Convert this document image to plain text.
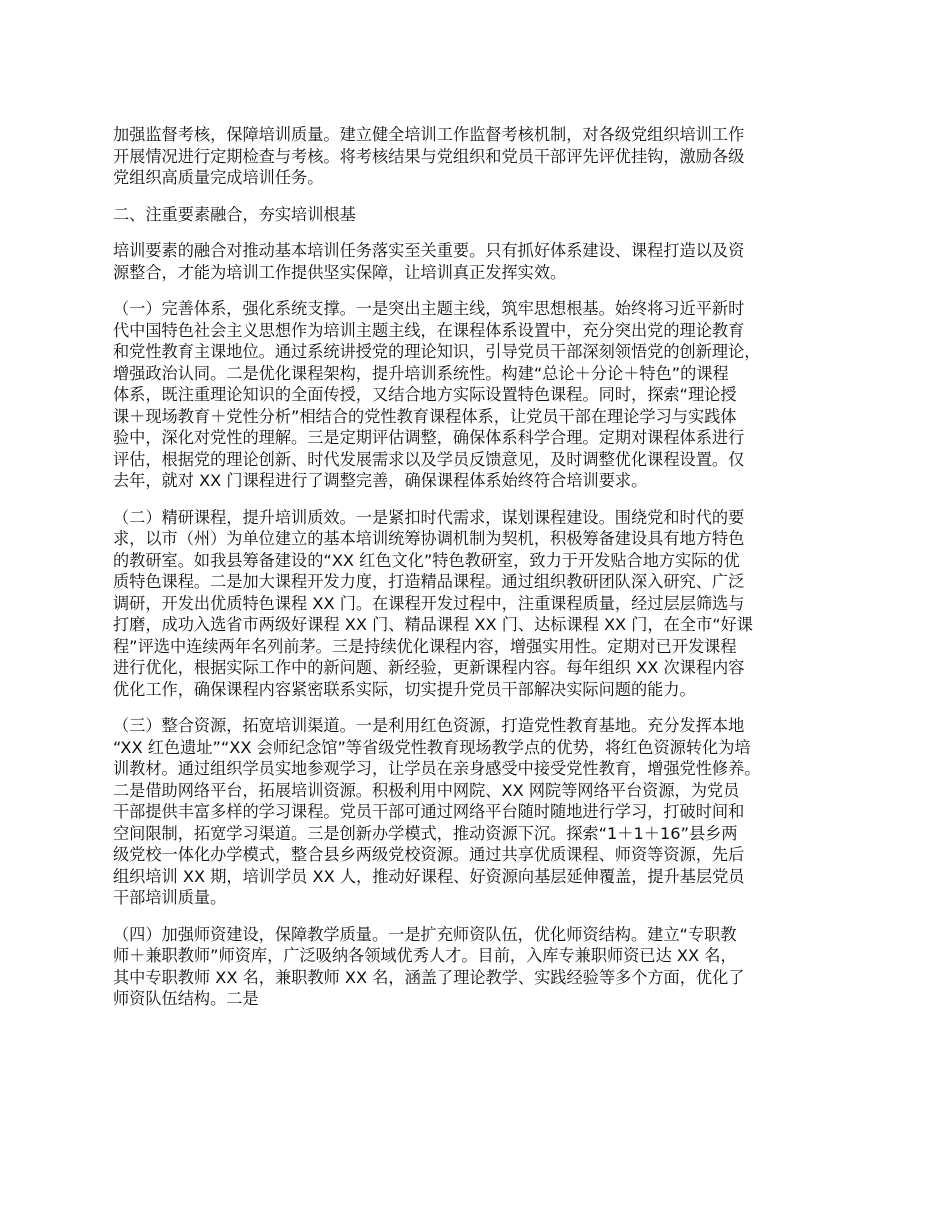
加强监督考核，保障培训质量。建立健全培训工作监督考核机制，对各级党组织培训工作
开展情况进行定期检查与考核。将考核结果与党组织和党员干部评先评优挂钩，激励各级
党组织高质量完成培训任务。
二、注重要素融合，夯实培训根基
培训要素的融合对推动基本培训任务落实至关重要。只有抓好体系建设、课程打造以及资
源整合，才能为培训工作提供坚实保障，让培训真正发挥实效。
（一）完善体系，强化系统支撑。一是突出主题主线，筑牢思想根基。始终将习近平新时
代中国特色社会主义思想作为培训主题主线，在课程体系设置中，充分突出党的理论教育
和党性教育主课地位。通过系统讲授党的理论知识，引导党员干部深刻领悟党的创新理论，
增强政治认同。二是优化课程架构，提升培训系统性。构建“总论＋分论＋特色”的课程
体系，既注重理论知识的全面传授，又结合地方实际设置特色课程。同时，探索“理论授
课＋现场教育＋党性分析”相结合的党性教育课程体系，让党员干部在理论学习与实践体
验中，深化对党性的理解。三是定期评估调整，确保体系科学合理。定期对课程体系进行
评估，根据党的理论创新、时代发展需求以及学员反馈意见，及时调整优化课程设置。仅
去年，就对 XX 门课程进行了调整完善，确保课程体系始终符合培训要求。
（二）精研课程，提升培训质效。一是紧扣时代需求，谋划课程建设。围绕党和时代的要
求，以市（州）为单位建立的基本培训统筹协调机制为契机，积极筹备建设具有地方特色
的教研室。如我县筹备建设的“XX 红色文化”特色教研室，致力于开发贴合地方实际的优
质特色课程。二是加大课程开发力度，打造精品课程。通过组织教研团队深入研究、广泛
调研，开发出优质特色课程 XX 门。在课程开发过程中，注重课程质量，经过层层筛选与
打磨，成功入选省市两级好课程 XX 门、精品课程 XX 门、达标课程 XX 门，在全市“好课
程”评选中连续两年名列前茅。三是持续优化课程内容，增强实用性。定期对已开发课程
进行优化，根据实际工作中的新问题、新经验，更新课程内容。每年组织 XX 次课程内容
优化工作，确保课程内容紧密联系实际，切实提升党员干部解决实际问题的能力。
（三）整合资源，拓宽培训渠道。一是利用红色资源，打造党性教育基地。充分发挥本地
“XX 红色遗址”“XX 会师纪念馆”等省级党性教育现场教学点的优势，将红色资源转化为培
训教材。通过组织学员实地参观学习，让学员在亲身感受中接受党性教育，增强党性修养。
二是借助网络平台，拓展培训资源。积极利用中网院、XX 网院等网络平台资源，为党员
干部提供丰富多样的学习课程。党员干部可通过网络平台随时随地进行学习，打破时间和
空间限制，拓宽学习渠道。三是创新办学模式，推动资源下沉。探索“1＋1＋16”县乡两
级党校一体化办学模式，整合县乡两级党校资源。通过共享优质课程、师资等资源，先后
组织培训 XX 期，培训学员 XX 人，推动好课程、好资源向基层延伸覆盖，提升基层党员
干部培训质量。
（四）加强师资建设，保障教学质量。一是扩充师资队伍，优化师资结构。建立“专职教
师＋兼职教师”师资库，广泛吸纳各领域优秀人才。目前，入库专兼职师资已达 XX 名，
其中专职教师 XX 名，兼职教师 XX 名，涵盖了理论教学、实践经验等多个方面，优化了
师资队伍结构。二是
